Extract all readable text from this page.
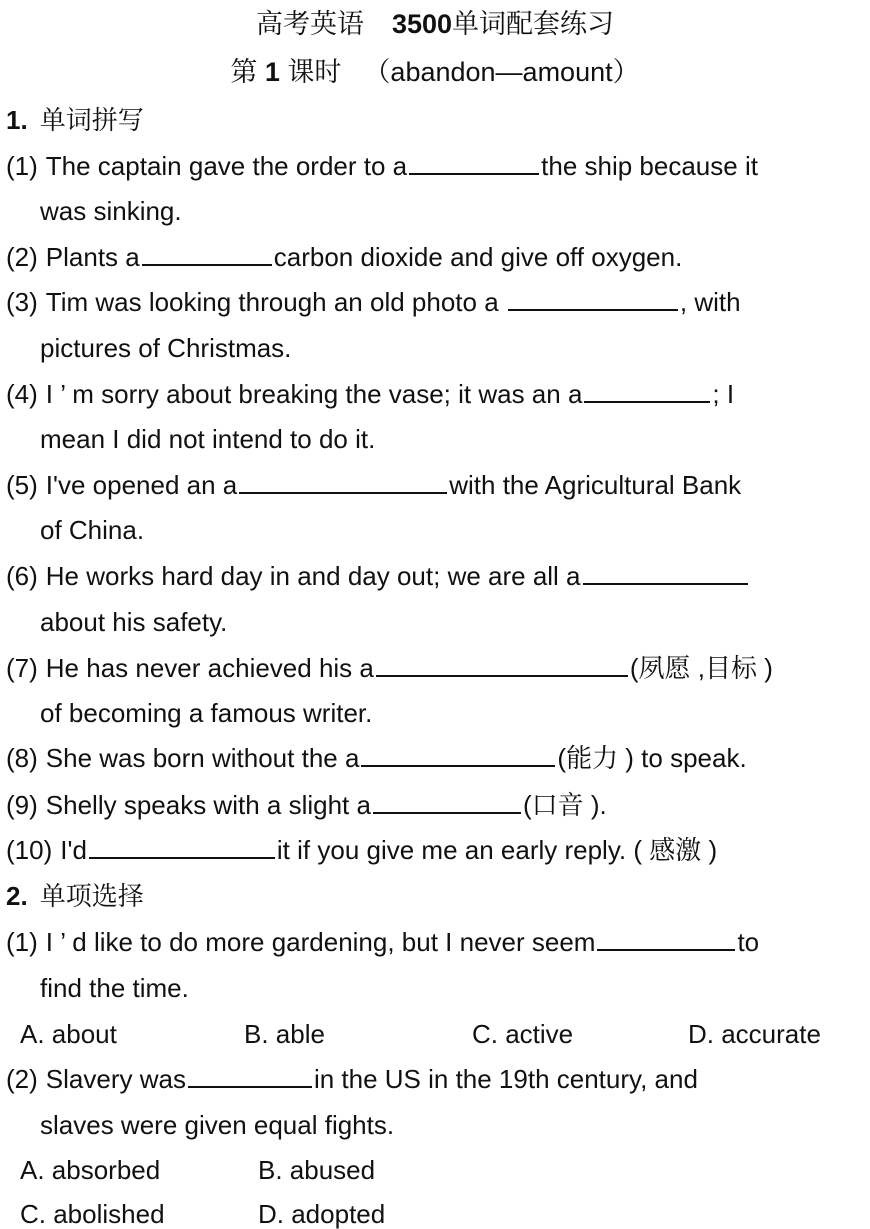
高考英语 3500单词配套练习
第 1 课时 （abandon—amount）
1. 单词拼写
(1) The captain gave the order to a	the ship because it
was sinking.
(2) Plants a	carbon dioxide and give off oxygen.
(3) Tim was looking through an old photo a	, with
pictures of Christmas.
(4) I ’ m sorry about breaking the vase; it was an a	; I
mean I did not intend to do it.
(5) I've opened an a	with the Agricultural Bank
of China.
(6) He works hard day in and day out; we are all a
about his safety.
(7) He has never achieved his a	(夙愿 ,目标 )
of becoming a famous writer.
(8) She was born without the a	(能力 ) to speak.
(9) Shelly speaks with a slight a	(口音 ).
(10) I'd	it if you give me an early reply. ( 感激 )
2. 单项选择
(1) I ’ d like to do more gardening, but I never seem	to
find the time.
A. about	B. able	C. active	D. accurate
(2) Slavery was	in the US in the 19th century, and
slaves were given equal fights.
A. absorbed	B. abused
C. abolished	D. adopted
